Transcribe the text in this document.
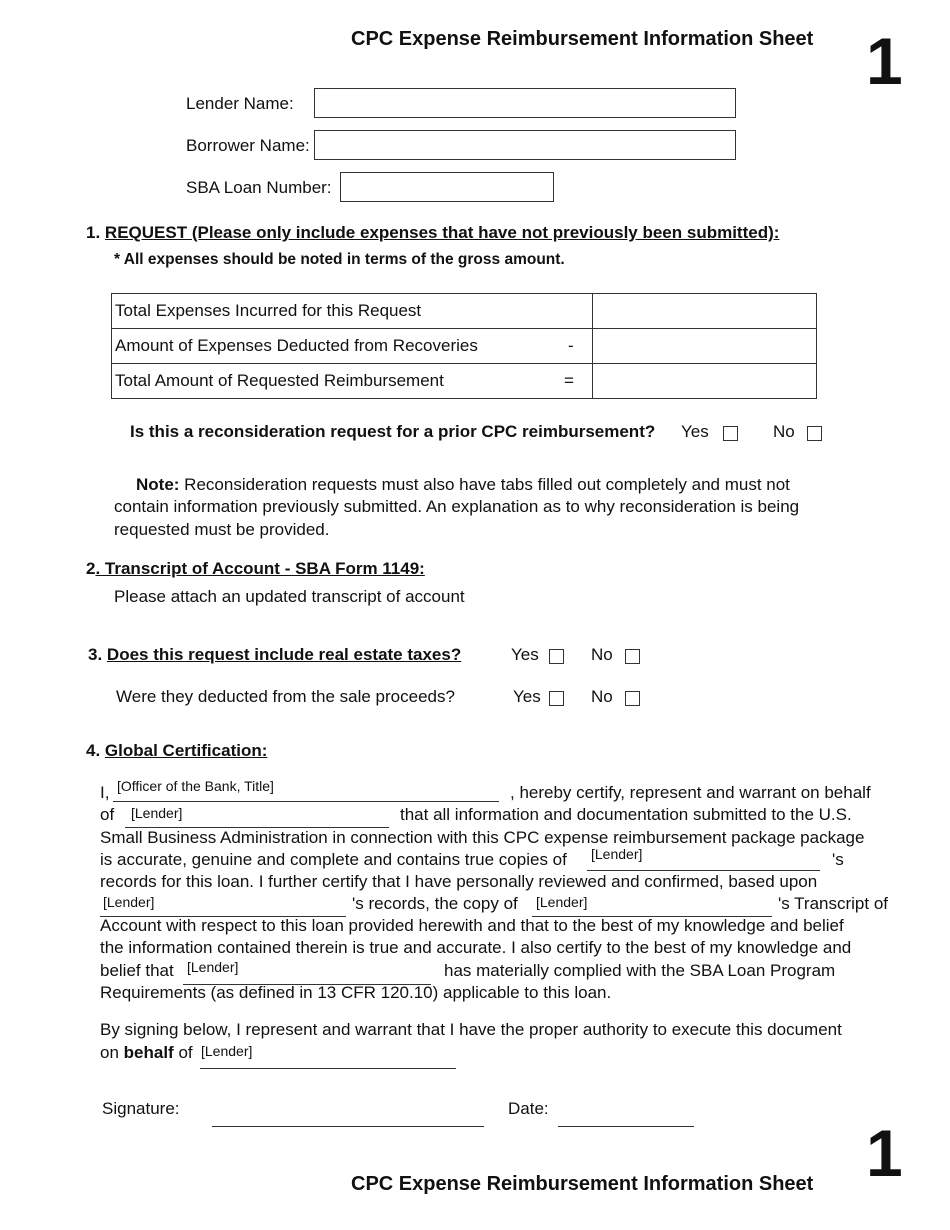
CPC Expense Reimbursement Information Sheet 1
Lender Name:
Borrower Name:
SBA Loan Number:
1. REQUEST (Please only include expenses that have not previously been submitted):
* All expenses should be noted in terms of the gross amount.
Total Expenses Incurred for this Request	
Amount of Expenses Deducted from Recoveries -	

Total Amount of Requested Reimbursement =	

Is this a reconsideration request for a prior CPC reimbursement? Yes	No
Note: Reconsideration requests must also have tabs filled out completely and must not
contain information previously submitted. An explanation as to why reconsideration is being
requested must be provided.
2. Transcript of Account - SBA Form 1149:
Please attach an updated transcript of account
3. Does this request include real estate taxes?	Yes	No
Were they deducted from the sale proceeds?	Yes	No
4. Global Certification:
I, [Officer of the Bank, Title]	, hereby certify, represent and warrant on behalf
of [Lender]	that all information and documentation submitted to the U.S.
Small Business Administration in connection with this CPC expense reimbursement package package
is accurate, genuine and complete and contains true copies of [Lender]	's
records for this loan. I further certify that I have personally reviewed and confirmed, based upon
[Lender]	's records, the copy of [Lender]	's Transcript of
Account with respect to this loan provided herewith and that to the best of my knowledge and belief
the information contained therein is true and accurate. I also certify to the best of my knowledge and
belief that [Lender]	has materially complied with the SBA Loan Program
Requirements (as defined in 13 CFR 120.10) applicable to this loan.
By signing below, I represent and warrant that I have the proper authority to execute this document
on behalf of [Lender]
Signature:	Date:
1
CPC Expense Reimbursement Information Sheet
